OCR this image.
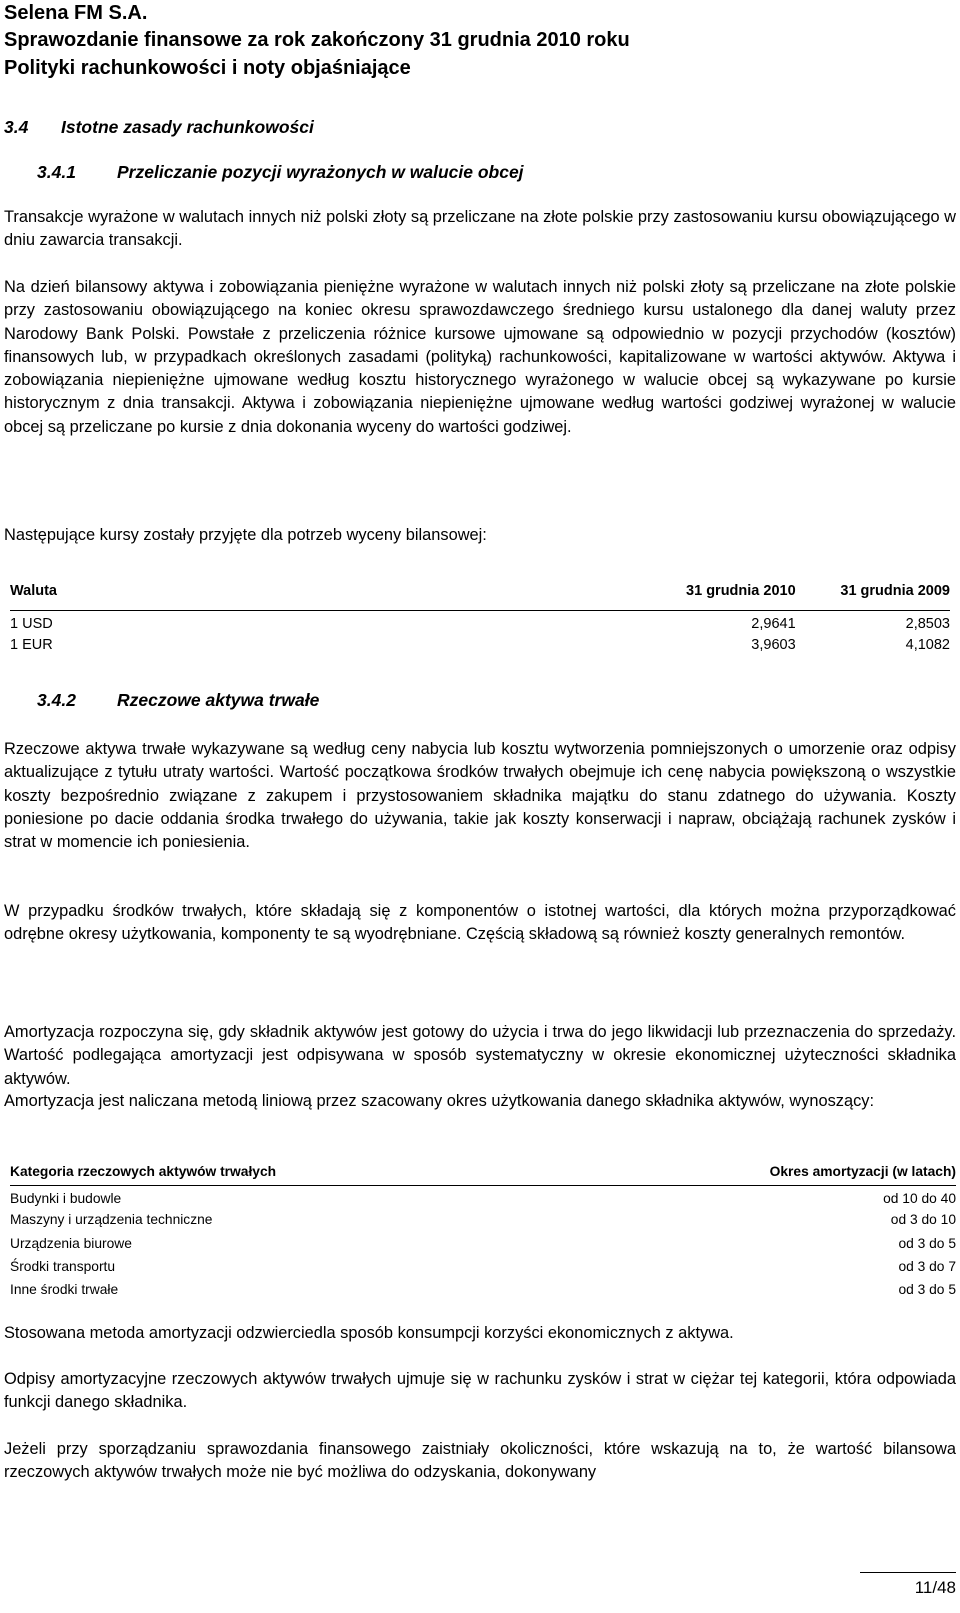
Selena FM S.A.
Sprawozdanie finansowe za rok zakończony 31 grudnia 2010 roku
Polityki rachunkowości i noty objaśniające
3.4 Istotne zasady rachunkowości
3.4.1 Przeliczanie pozycji wyrażonych w walucie obcej
Transakcje wyrażone w walutach innych niż polski złoty są przeliczane na złote polskie przy zastosowaniu kursu obowiązującego w dniu zawarcia transakcji.
Na dzień bilansowy aktywa i zobowiązania pieniężne wyrażone w walutach innych niż polski złoty są przeliczane na złote polskie przy zastosowaniu obowiązującego na koniec okresu sprawozdawczego średniego kursu ustalonego dla danej waluty przez Narodowy Bank Polski. Powstałe z przeliczenia różnice kursowe ujmowane są odpowiednio w pozycji przychodów (kosztów) finansowych lub, w przypadkach określonych zasadami (polityką) rachunkowości, kapitalizowane w wartości aktywów. Aktywa i zobowiązania niepieniężne ujmowane według kosztu historycznego wyrażonego w walucie obcej są wykazywane po kursie historycznym z dnia transakcji. Aktywa i zobowiązania niepieniężne ujmowane według wartości godziwej wyrażonej w walucie obcej są przeliczane po kursie z dnia dokonania wyceny do wartości godziwej.
Następujące kursy zostały przyjęte dla potrzeb wyceny bilansowej:
Waluta	31 grudnia 2010	31 grudnia 2009
1 USD	2,9641	2,8503
1 EUR	3,9603	4,1082
3.4.2 Rzeczowe aktywa trwałe
Rzeczowe aktywa trwałe wykazywane są według ceny nabycia lub kosztu wytworzenia pomniejszonych o umorzenie oraz odpisy aktualizujące z tytułu utraty wartości. Wartość początkowa środków trwałych obejmuje ich cenę nabycia powiększoną o wszystkie koszty bezpośrednio związane z zakupem i przystosowaniem składnika majątku do stanu zdatnego do używania. Koszty poniesione po dacie oddania środka trwałego do używania, takie jak koszty konserwacji i napraw, obciążają rachunek zysków i strat w momencie ich poniesienia.
W przypadku środków trwałych, które składają się z komponentów o istotnej wartości, dla których można przyporządkować odrębne okresy użytkowania, komponenty te są wyodrębniane. Częścią składową są również koszty generalnych remontów.
Amortyzacja rozpoczyna się, gdy składnik aktywów jest gotowy do użycia i trwa do jego likwidacji lub przeznaczenia do sprzedaży. Wartość podlegająca amortyzacji jest odpisywana w sposób systematyczny w okresie ekonomicznej użyteczności składnika aktywów.
Amortyzacja jest naliczana metodą liniową przez szacowany okres użytkowania danego składnika aktywów, wynoszący:
Kategoria rzeczowych aktywów trwałych	Okres amortyzacji (w latach)
Budynki i budowle	od 10 do 40
Maszyny i urządzenia techniczne	od 3 do 10
Urządzenia biurowe	od 3 do 5
Środki transportu	od 3 do 7
Inne środki trwałe	od 3 do 5
Stosowana metoda amortyzacji odzwierciedla sposób konsumpcji korzyści ekonomicznych z aktywa.
Odpisy amortyzacyjne rzeczowych aktywów trwałych ujmuje się w rachunku zysków i strat w ciężar tej kategorii, która odpowiada funkcji danego składnika.
Jeżeli przy sporządzaniu sprawozdania finansowego zaistniały okoliczności, które wskazują na to, że wartość bilansowa rzeczowych aktywów trwałych może nie być możliwa do odzyskania, dokonywany
11/48
